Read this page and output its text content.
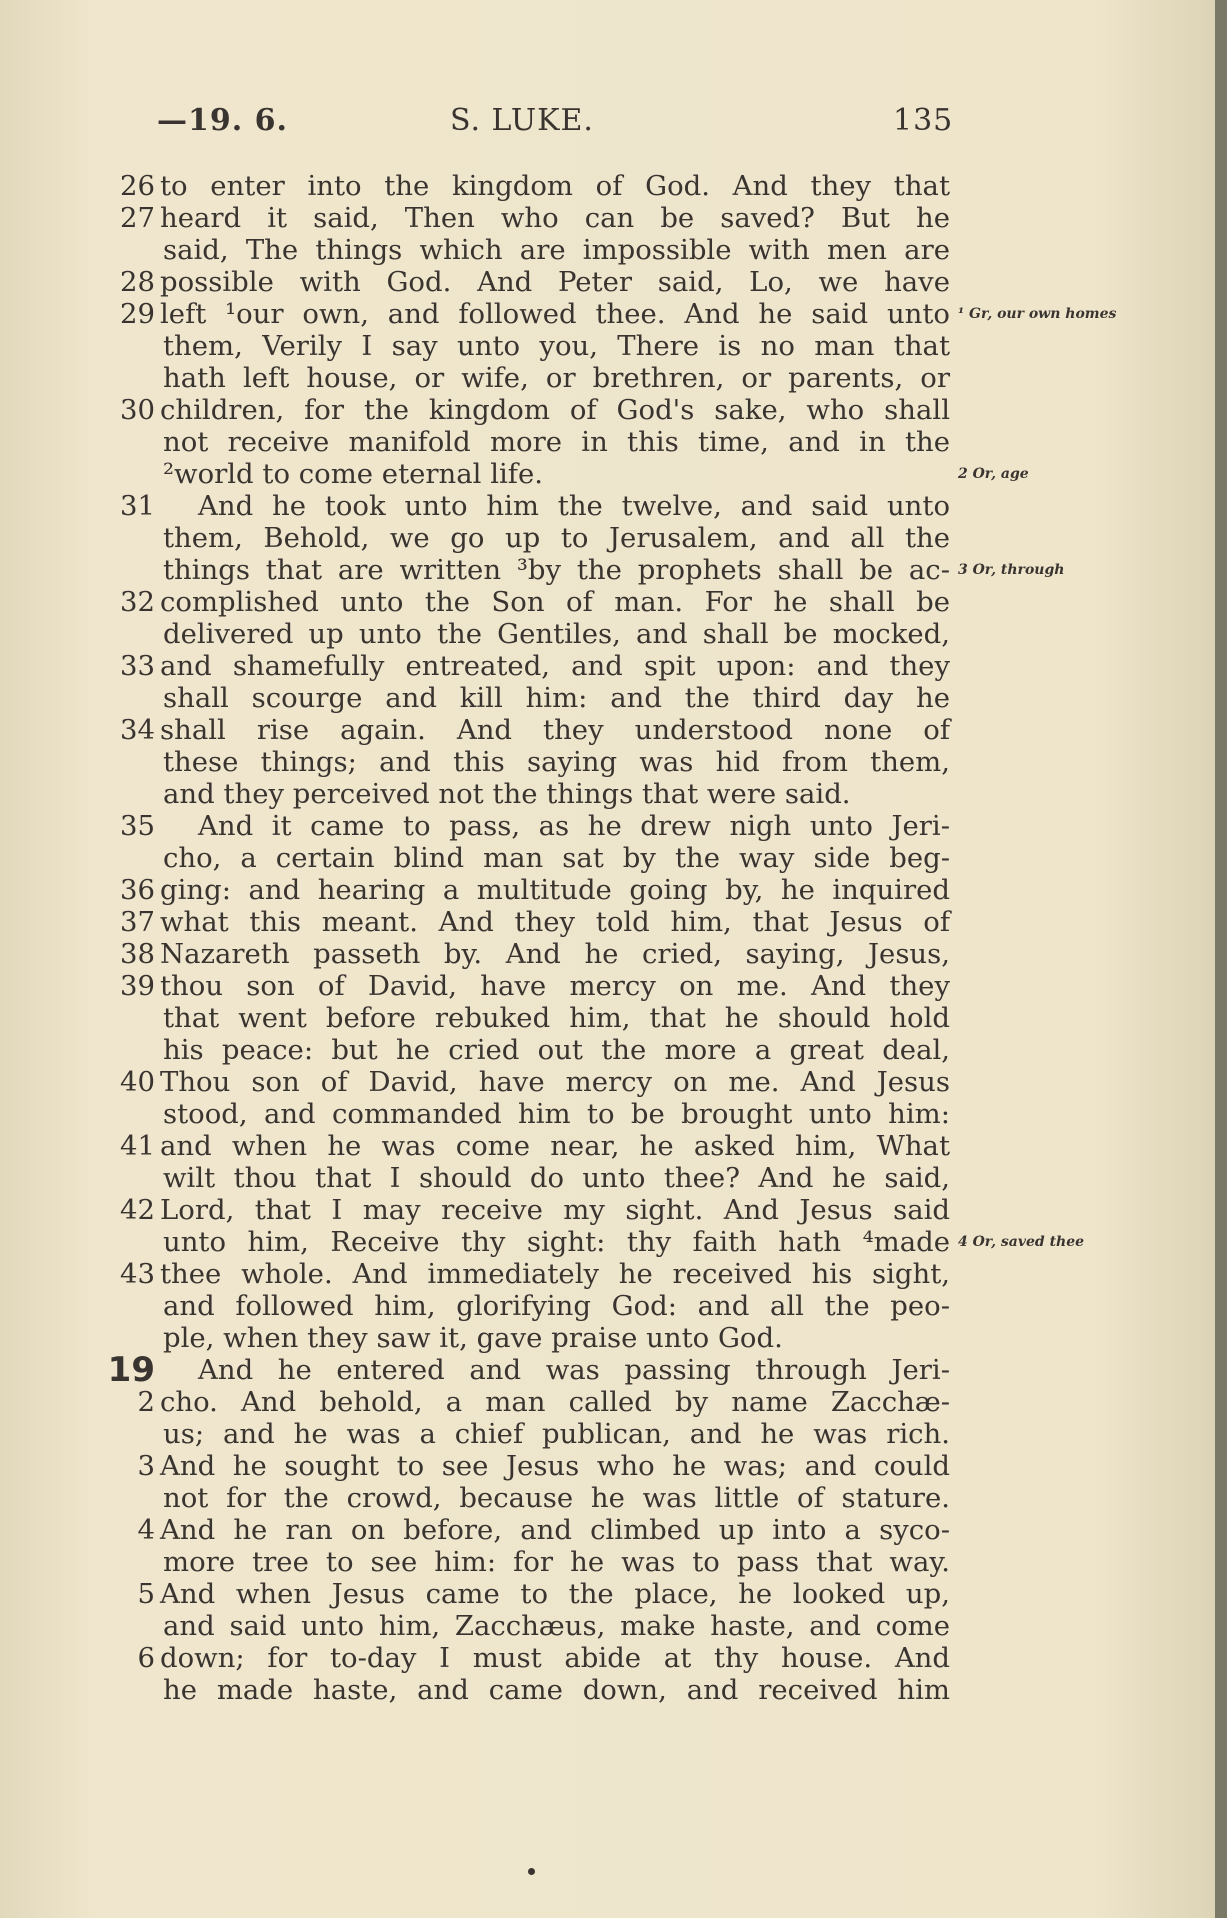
—19. 6.	S. LUKE.	135
26 to enter into the kingdom of God. And they that
27 heard it said, Then who can be saved? But he
said, The things which are impossible with men are
28 possible with God. And Peter said, Lo, we have
29 left ¹our own, and followed thee. And he said unto ¹ Gr, our own homes
them, Verily I say unto you, There is no man that
hath left house, or wife, or brethren, or parents, or
30 children, for the kingdom of God's sake, who shall
not receive manifold more in this time, and in the
²world to come eternal life.	2 Or, age
31 And he took unto him the twelve, and said unto
them, Behold, we go up to Jerusalem, and all the
things that are written ³by the prophets shall be ac- 3 Or, through
32 complished unto the Son of man. For he shall be
delivered up unto the Gentiles, and shall be mocked,
33 and shamefully entreated, and spit upon: and they
shall scourge and kill him: and the third day he
34 shall rise again. And they understood none of
these things; and this saying was hid from them,
and they perceived not the things that were said.
35 And it came to pass, as he drew nigh unto Jeri-
cho, a certain blind man sat by the way side beg-
36 ging: and hearing a multitude going by, he inquired
37 what this meant. And they told him, that Jesus of
38 Nazareth passeth by. And he cried, saying, Jesus,
39 thou son of David, have mercy on me. And they
that went before rebuked him, that he should hold
his peace: but he cried out the more a great deal,
40 Thou son of David, have mercy on me. And Jesus
stood, and commanded him to be brought unto him:
41 and when he was come near, he asked him, What
wilt thou that I should do unto thee? And he said,
42 Lord, that I may receive my sight. And Jesus said
unto him, Receive thy sight: thy faith hath ⁴made 4 Or, saved thee
43 thee whole. And immediately he received his sight,
and followed him, glorifying God: and all the peo-
ple, when they saw it, gave praise unto God.
19 And he entered and was passing through Jeri-
2 cho. And behold, a man called by name Zacchæ-
us; and he was a chief publican, and he was rich.
3 And he sought to see Jesus who he was; and could
not for the crowd, because he was little of stature.
4 And he ran on before, and climbed up into a syco-
more tree to see him: for he was to pass that way.
5 And when Jesus came to the place, he looked up,
and said unto him, Zacchæus, make haste, and come
6 down; for to-day I must abide at thy house. And
he made haste, and came down, and received him
